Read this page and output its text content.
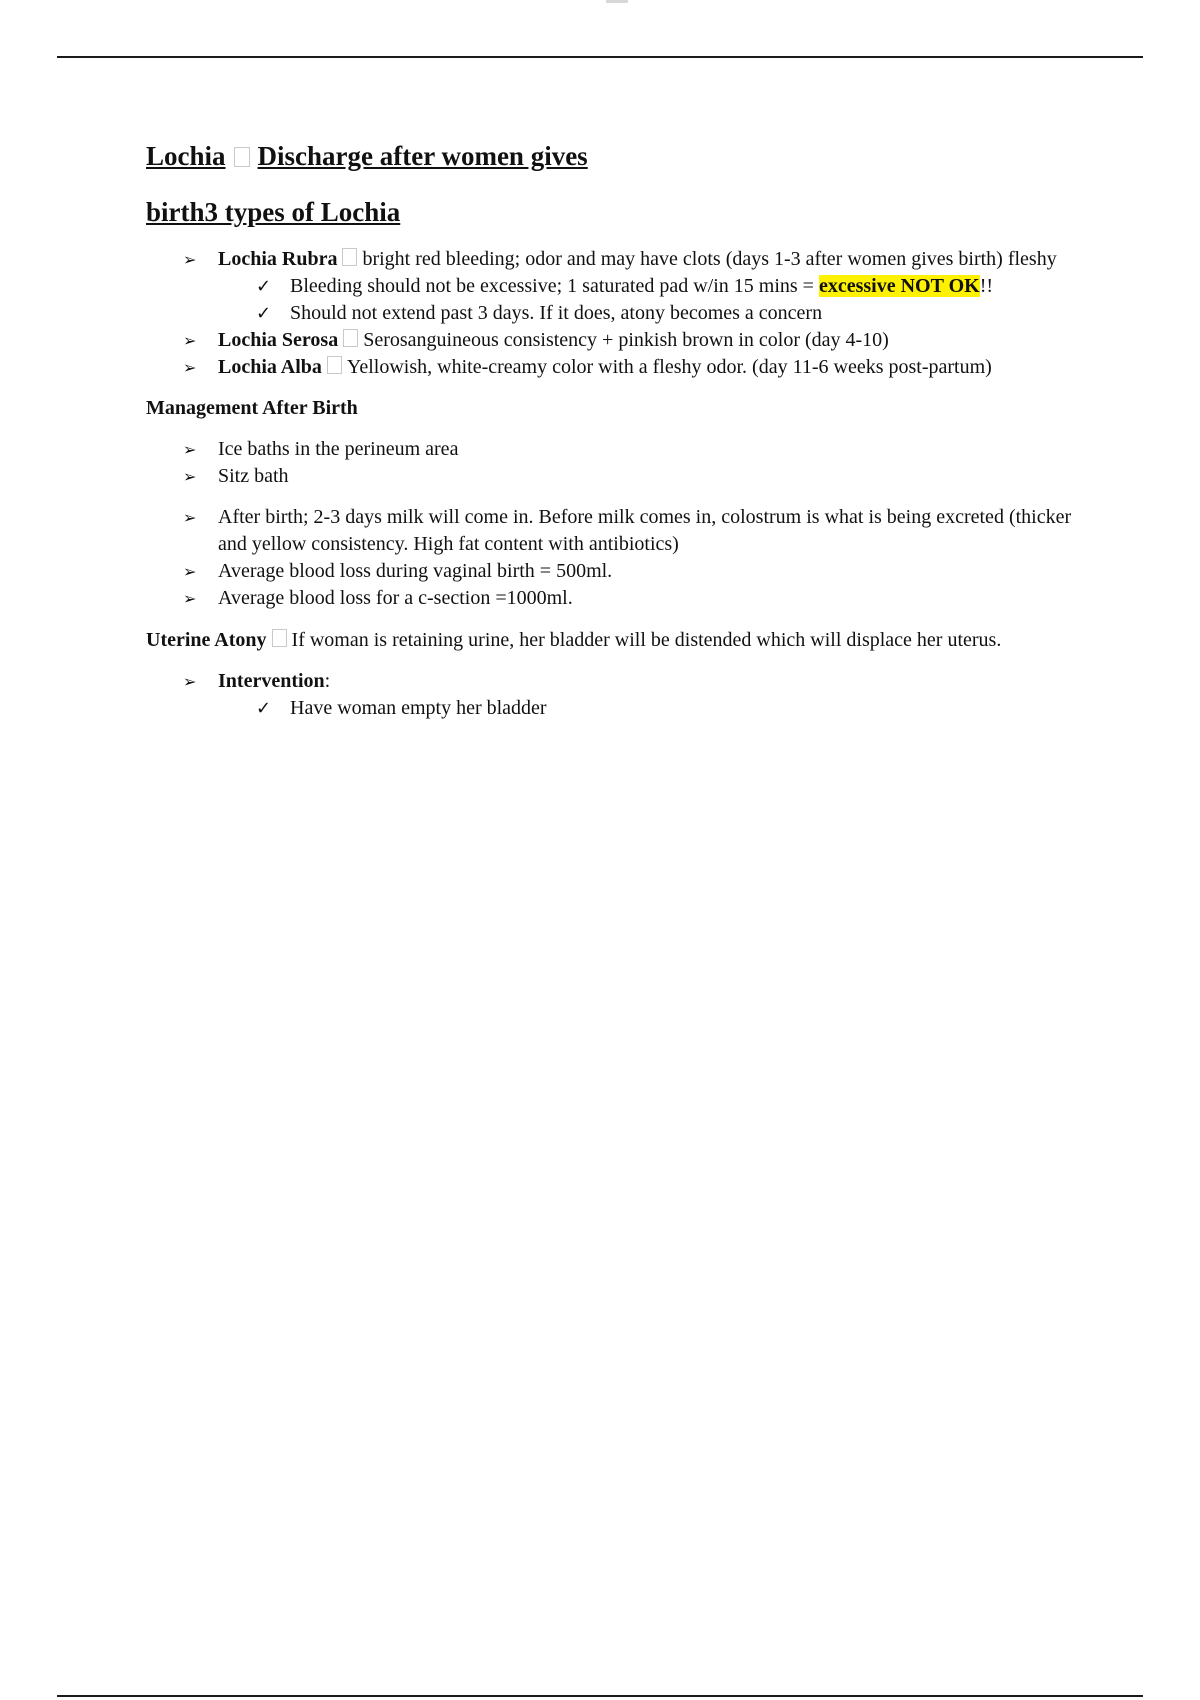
Lochia Discharge after women gives
birth3 types of Lochia
➢ Lochia Rubra bright red bleeding; odor and may have clots (days 1-3 after women gives birth) fleshy
✓ Bleeding should not be excessive; 1 saturated pad w/in 15 mins = excessive NOT OK!!
✓ Should not extend past 3 days. If it does, atony becomes a concern
➢ Lochia Serosa Serosanguineous consistency + pinkish brown in color (day 4-10)
➢ Lochia Alba Yellowish, white-creamy color with a fleshy odor. (day 11-6 weeks post-partum)

Management After Birth

➢ Ice baths in the perineum area
➢ Sitz bath
➢ After birth; 2-3 days milk will come in. Before milk comes in, colostrum is what is being excreted (thicker and yellow consistency. High fat content with antibiotics)
➢ Average blood loss during vaginal birth = 500ml.
➢ Average blood loss for a c-section =1000ml.

Uterine Atony If woman is retaining urine, her bladder will be distended which will displace her uterus.

➢ Intervention:
✓ Have woman empty her bladder
